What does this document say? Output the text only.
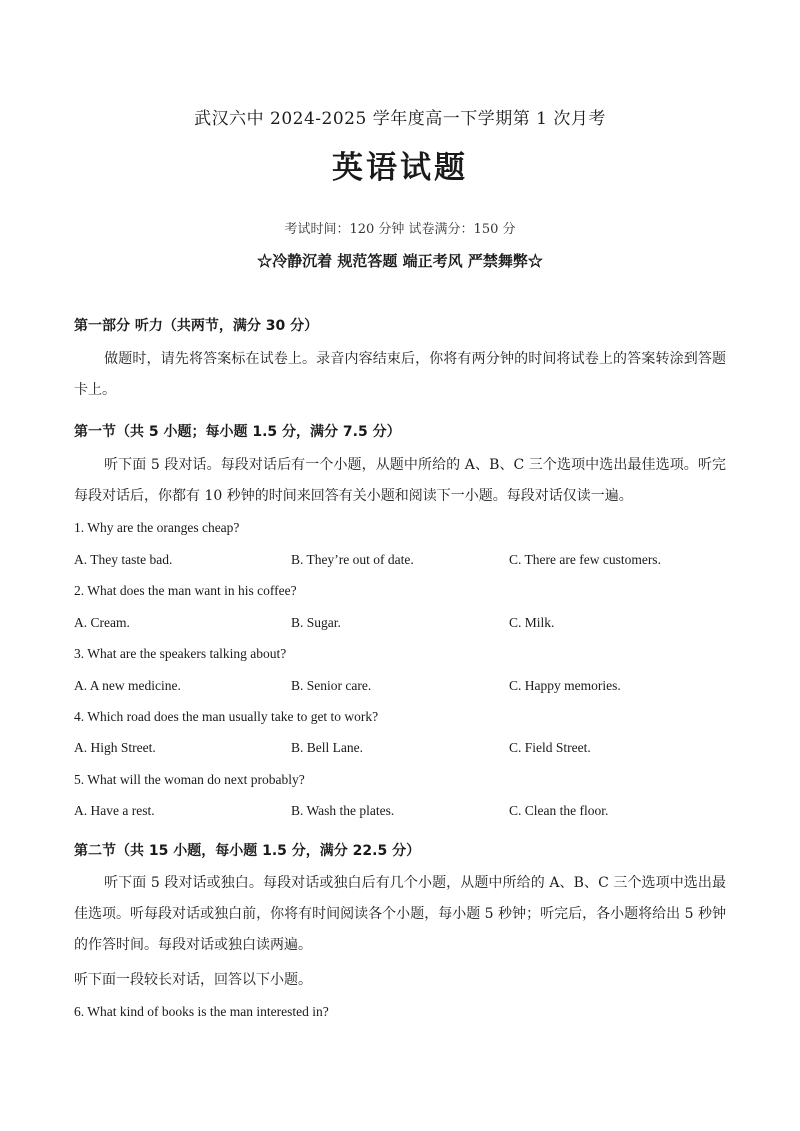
武汉六中 2024-2025 学年度高一下学期第 1 次月考
英语试题
考试时间：120 分钟 试卷满分：150 分
☆冷静沉着 规范答题 端正考风 严禁舞弊☆
第一部分 听力（共两节，满分 30 分）
做题时，请先将答案标在试卷上。录音内容结束后，你将有两分钟的时间将试卷上的答案转涂到答题卡上。
第一节（共 5 小题；每小题 1.5 分，满分 7.5 分）
听下面 5 段对话。每段对话后有一个小题，从题中所给的 A、B、C 三个选项中选出最佳选项。听完每段对话后，你都有 10 秒钟的时间来回答有关小题和阅读下一小题。每段对话仅读一遍。
1. Why are the oranges cheap?
A. They taste bad.	B. They’re out of date.	C. There are few customers.
2. What does the man want in his coffee?
A. Cream.	B. Sugar.	C. Milk.
3. What are the speakers talking about?
A. A new medicine.	B. Senior care.	C. Happy memories.
4. Which road does the man usually take to get to work?
A. High Street.	B. Bell Lane.	C. Field Street.
5. What will the woman do next probably?
A. Have a rest.	B. Wash the plates.	C. Clean the floor.
第二节（共 15 小题，每小题 1.5 分，满分 22.5 分）
听下面 5 段对话或独白。每段对话或独白后有几个小题，从题中所给的 A、B、C 三个选项中选出最佳选项。听每段对话或独白前，你将有时间阅读各个小题，每小题 5 秒钟；听完后，各小题将给出 5 秒钟的作答时间。每段对话或独白读两遍。
听下面一段较长对话，回答以下小题。
6. What kind of books is the man interested in?
